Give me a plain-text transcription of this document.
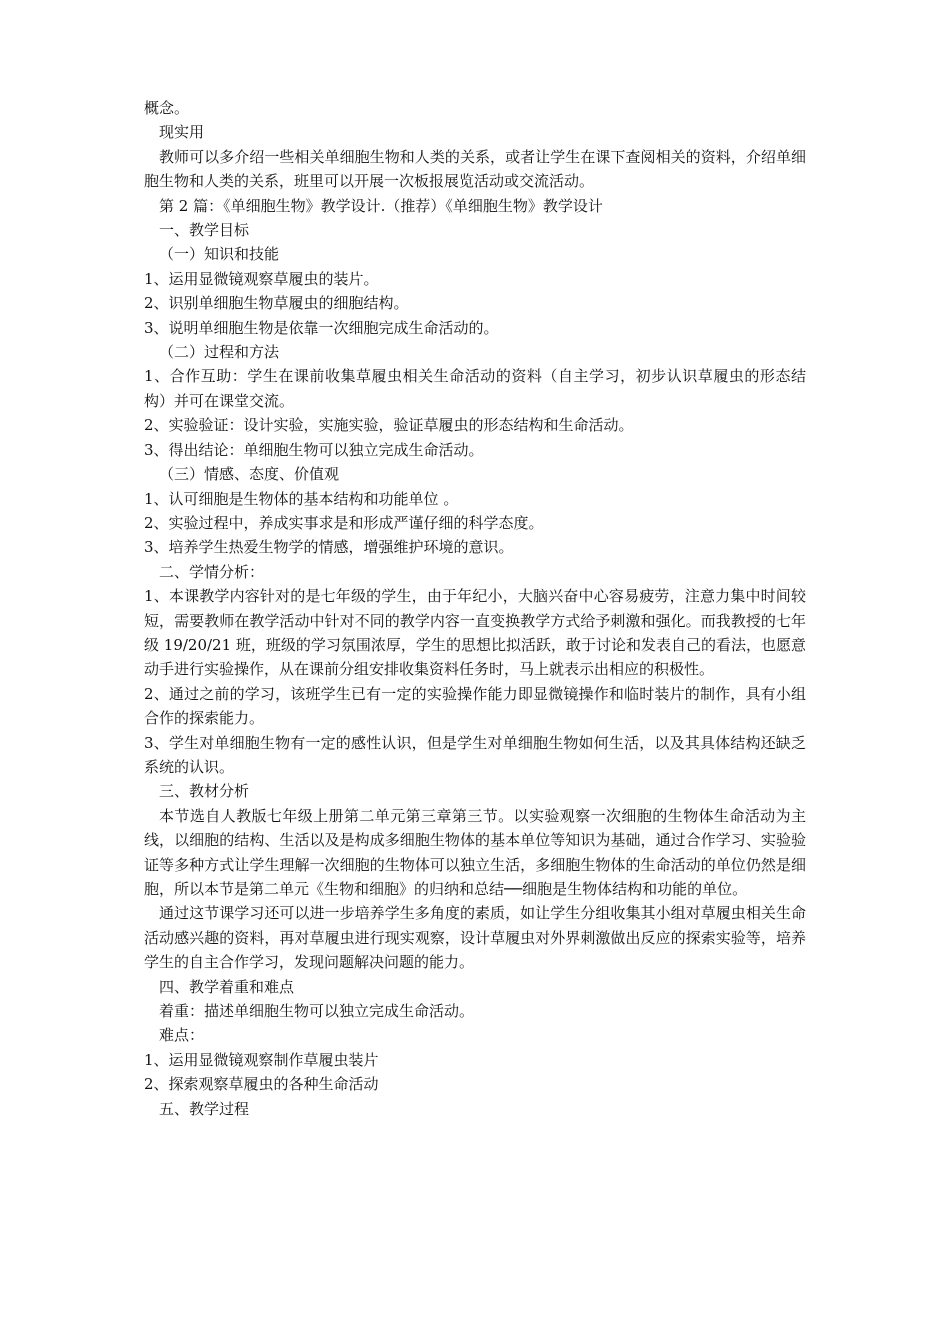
概念。

现实用

教师可以多介绍一些相关单细胞生物和人类的关系，或者让学生在课下查阅相关的资料，介绍单细胞生物和人类的关系，班里可以开展一次板报展览活动或交流活动。

第 2 篇：《单细胞生物》教学设计.（推荐）《单细胞生物》教学设计

一、教学目标

（一）知识和技能

1、运用显微镜观察草履虫的装片。

2、识别单细胞生物草履虫的细胞结构。

3、说明单细胞生物是依靠一次细胞完成生命活动的。

（二）过程和方法

1、合作互助：学生在课前收集草履虫相关生命活动的资料（自主学习，初步认识草履虫的形态结构）并可在课堂交流。

2、实验验证：设计实验，实施实验，验证草履虫的形态结构和生命活动。

3、得出结论：单细胞生物可以独立完成生命活动。

（三）情感、态度、价值观

1、认可细胞是生物体的基本结构和功能单位 。

2、实验过程中，养成实事求是和形成严谨仔细的科学态度。

3、培养学生热爱生物学的情感，增强维护环境的意识。

二、学情分析：

1、本课教学内容针对的是七年级的学生，由于年纪小，大脑兴奋中心容易疲劳，注意力集中时间较短，需要教师在教学活动中针对不同的教学内容一直变换教学方式给予刺激和强化。而我教授的七年级 19/20/21 班，班级的学习氛围浓厚，学生的思想比拟活跃，敢于讨论和发表自己的看法，也愿意动手进行实验操作，从在课前分组安排收集资料任务时，马上就表示出相应的积极性。

2、通过之前的学习，该班学生已有一定的实验操作能力即显微镜操作和临时装片的制作，具有小组合作的探索能力。

3、学生对单细胞生物有一定的感性认识，但是学生对单细胞生物如何生活，以及其具体结构还缺乏系统的认识。

三、教材分析

本节选自人教版七年级上册第二单元第三章第三节。以实验观察一次细胞的生物体生命活动为主线，以细胞的结构、生活以及是构成多细胞生物体的基本单位等知识为基础，通过合作学习、实验验证等多种方式让学生理解一次细胞的生物体可以独立生活，多细胞生物体的生命活动的单位仍然是细胞，所以本节是第二单元《生物和细胞》的归纳和总结──细胞是生物体结构和功能的单位。

通过这节课学习还可以进一步培养学生多角度的素质，如让学生分组收集其小组对草履虫相关生命活动感兴趣的资料，再对草履虫进行现实观察，设计草履虫对外界刺激做出反应的探索实验等，培养学生的自主合作学习，发现问题解决问题的能力。

四、教学着重和难点

着重：描述单细胞生物可以独立完成生命活动。

难点：

1、运用显微镜观察制作草履虫装片

2、探索观察草履虫的各种生命活动

五、教学过程
